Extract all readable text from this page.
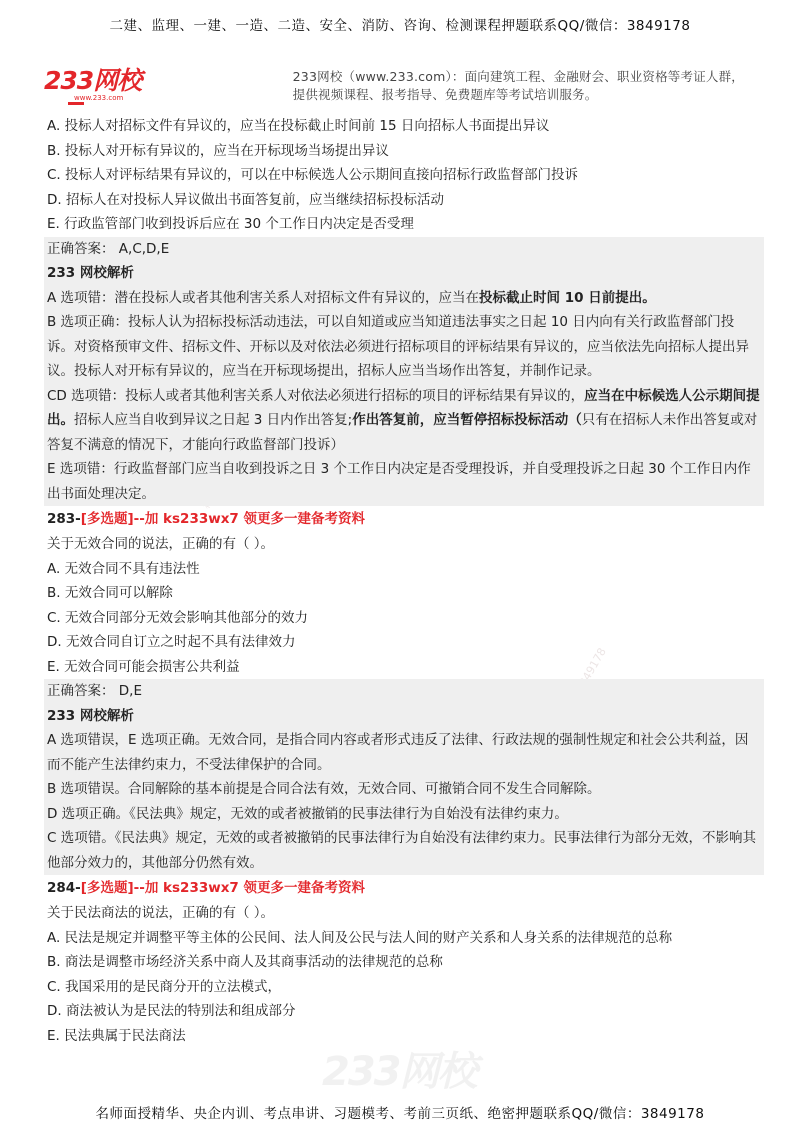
二建、监理、一建、一造、二造、安全、消防、咨询、检测课程押题联系QQ/微信：3849178
233网校
www.233.com
233网校（www.233.com）：面向建筑工程、金融财会、职业资格等考证人群，
提供视频课程、报考指导、免费题库等考试培训服务。
A. 投标人对招标文件有异议的，应当在投标截止时间前 15 日向招标人书面提出异议
B. 投标人对开标有异议的，应当在开标现场当场提出异议
C. 投标人对评标结果有异议的，可以在中标候选人公示期间直接向招标行政监督部门投诉
D. 招标人在对投标人异议做出书面答复前，应当继续招标投标活动
E. 行政监管部门收到投诉后应在 30 个工作日内决定是否受理

正确答案： A,C,D,E

233 网校解析

A 选项错：潜在投标人或者其他利害关系人对招标文件有异议的，应当在投标截止时间 10 日前提出。

B 选项正确：投标人认为招标投标活动违法，可以自知道或应当知道违法事实之日起 10 日内向有关行政监督部门投诉。对资格预审文件、招标文件、开标以及对依法必须进行招标项目的评标结果有异议的，应当依法先向招标人提出异议。投标人对开标有异议的，应当在开标现场提出，招标人应当当场作出答复，并制作记录。

CD 选项错：投标人或者其他利害关系人对依法必须进行招标的项目的评标结果有异议的，应当在中标候选人公示期间提出。招标人应当自收到异议之日起 3 日内作出答复;作出答复前，应当暂停招标投标活动（只有在招标人未作出答复或对答复不满意的情况下，才能向行政监督部门投诉）

E 选项错：行政监督部门应当自收到投诉之日 3 个工作日内决定是否受理投诉，并自受理投诉之日起 30 个工作日内作出书面处理决定。

283-[多选题]--加 ks233wx7 领更多一建备考资料
关于无效合同的说法，正确的有（ ）。
A. 无效合同不具有违法性
B. 无效合同可以解除
C. 无效合同部分无效会影响其他部分的效力
D. 无效合同自订立之时起不具有法律效力
E. 无效合同可能会损害公共利益

正确答案： D,E

233 网校解析

A 选项错误，E 选项正确。无效合同，是指合同内容或者形式违反了法律、行政法规的强制性规定和社会公共利益，因而不能产生法律约束力，不受法律保护的合同。

B 选项错误。合同解除的基本前提是合同合法有效，无效合同、可撤销合同不发生合同解除。

D 选项正确。《民法典》规定，无效的或者被撤销的民事法律行为自始没有法律约束力。

C 选项错。《民法典》规定，无效的或者被撤销的民事法律行为自始没有法律约束力。民事法律行为部分无效，不影响其他部分效力的，其他部分仍然有效。

284-[多选题]--加 ks233wx7 领更多一建备考资料
关于民法商法的说法，正确的有（ ）。
A. 民法是规定并调整平等主体的公民间、法人间及公民与法人间的财产关系和人身关系的法律规范的总称
B. 商法是调整市场经济关系中商人及其商事活动的法律规范的总称
C. 我国采用的是民商分开的立法模式，
D. 商法被认为是民法的特别法和组成部分
E. 民法典属于民法商法
233网校
名师面授精华、央企内训、考点串讲、习题模考、考前三页纸、绝密押题联系QQ/微信：3849178
